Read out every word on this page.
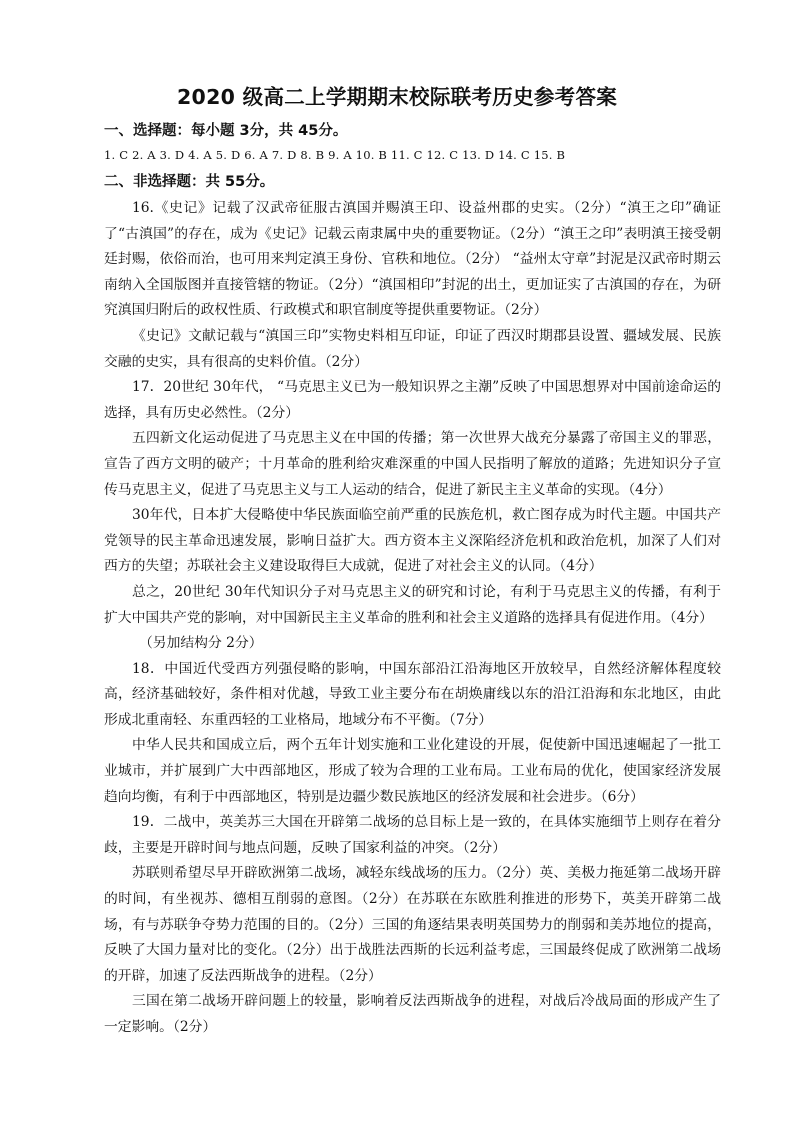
2020 级高二上学期期末校际联考历史参考答案
一、选择题：每小题 3分，共 45分。
1. C 2. A 3. D 4. A 5. D 6. A 7. D 8. B 9. A 10. B 11. C 12. C 13. D 14. C 15. B
二、非选择题：共 55分。

16.《史记》记载了汉武帝征服古滇国并赐滇王印、设益州郡的史实。（2分）“滇王之印”确证了“古滇国”的存在，成为《史记》记载云南隶属中央的重要物证。（2分）“滇王之印”表明滇王接受朝廷封赐，依俗而治，也可用来判定滇王身份、官秩和地位。（2分） “益州太守章”封泥是汉武帝时期云南纳入全国版图并直接管辖的物证。（2分）“滇国相印”封泥的出土，更加证实了古滇国的存在，为研究滇国归附后的政权性质、行政模式和职官制度等提供重要物证。（2分）

《史记》文献记载与“滇国三印”实物史料相互印证，印证了西汉时期郡县设置、疆域发展、民族交融的史实，具有很高的史料价值。（2分）

17．20世纪 30年代， “马克思主义已为一般知识界之主潮”反映了中国思想界对中国前途命运的选择，具有历史必然性。（2分）

五四新文化运动促进了马克思主义在中国的传播；第一次世界大战充分暴露了帝国主义的罪恶，宣告了西方文明的破产；十月革命的胜利给灾难深重的中国人民指明了解放的道路；先进知识分子宣传马克思主义，促进了马克思主义与工人运动的结合，促进了新民主主义革命的实现。（4分）

30年代，日本扩大侵略使中华民族面临空前严重的民族危机，救亡图存成为时代主题。中国共产党领导的民主革命迅速发展，影响日益扩大。西方资本主义深陷经济危机和政治危机，加深了人们对西方的失望；苏联社会主义建设取得巨大成就，促进了对社会主义的认同。（4分）

总之，20世纪 30年代知识分子对马克思主义的研究和讨论，有利于马克思主义的传播，有利于扩大中国共产党的影响，对中国新民主主义革命的胜利和社会主义道路的选择具有促进作用。（4分）

（另加结构分 2分）

18．中国近代受西方列强侵略的影响，中国东部沿江沿海地区开放较早，自然经济解体程度较高，经济基础较好，条件相对优越，导致工业主要分布在胡焕庸线以东的沿江沿海和东北地区，由此形成北重南轻、东重西轻的工业格局，地域分布不平衡。（7分）

中华人民共和国成立后，两个五年计划实施和工业化建设的开展，促使新中国迅速崛起了一批工业城市，并扩展到广大中西部地区，形成了较为合理的工业布局。工业布局的优化，使国家经济发展趋向均衡，有利于中西部地区，特别是边疆少数民族地区的经济发展和社会进步。（6分）

19．二战中，英美苏三大国在开辟第二战场的总目标上是一致的，在具体实施细节上则存在着分歧，主要是开辟时间与地点问题，反映了国家利益的冲突。（2分）

苏联则希望尽早开辟欧洲第二战场，减轻东线战场的压力。（2分）英、美极力拖延第二战场开辟的时间，有坐视苏、德相互削弱的意图。（2分）在苏联在东欧胜利推进的形势下，英美开辟第二战场，有与苏联争夺势力范围的目的。（2分）三国的角逐结果表明英国势力的削弱和美苏地位的提高，反映了大国力量对比的变化。（2分）出于战胜法西斯的长远利益考虑，三国最终促成了欧洲第二战场的开辟，加速了反法西斯战争的进程。（2分）

三国在第二战场开辟问题上的较量，影响着反法西斯战争的进程，对战后冷战局面的形成产生了一定影响。（2分）
